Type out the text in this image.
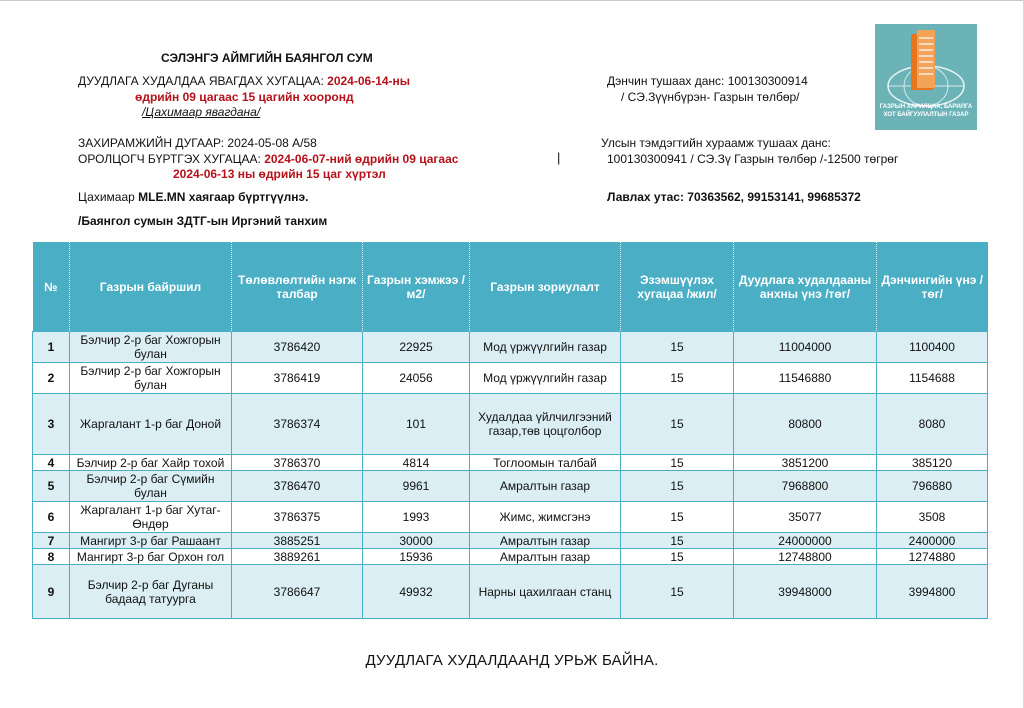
СЭЛЭНГЭ АЙМГИЙН БАЯНГОЛ СУМ
ДУУДЛАГА ХУДАЛДАА ЯВАГДАХ ХУГАЦАА: 2024-06-14-ны
өдрийн 09 цагаас 15 цагийн хооронд
/Цахимаар явагдана/
ЗАХИРАМЖИЙН ДУГААР: 2024-05-08 А/58
ОРОЛЦОГЧ БҮРТГЭХ ХУГАЦАА: 2024-06-07-ний өдрийн 09 цагаас
2024-06-13 ны өдрийн 15 цаг хүртэл
|
Цахимаар MLE.MN хаягаар бүртгүүлнэ.
/Баянгол сумын ЗДТГ-ын Иргэний танхим
Дэнчин тушаах данс: 100130300914
/ СЭ.Зүүнбүрэн- Газрын төлбөр/
Улсын тэмдэгтийн хураамж тушаах данс:
100130300941 / СЭ.Зү Газрын төлбөр /-12500 төгрөг
Лавлах утас: 70363562, 99153141, 99685372
ГАЗРЫН ХАРИЛЦАА, БАРИЛГА
ХОТ БАЙГУУЛАЛТЫН ГАЗАР
№	Газрын байршил	Төлөвлөлтийн нэгж талбар	Газрын хэмжээ /м2/	Газрын зориулалт	Эзэмшүүлэх хугацаа /жил/	Дуудлага худалдааны анхны үнэ /төг/	Дэнчингийн үнэ /төг/
1	Бэлчир 2-р баг Хожгорын булан	3786420	22925	Мод үржүүлгийн газар	15	11004000	1100400
2	Бэлчир 2-р баг Хожгорын булан	3786419	24056	Мод үржүүлгийн газар	15	11546880	1154688
3	Жаргалант 1-р баг Доной	3786374	101	Худалдаа үйлчилгээний газар,төв цоцголбор	15	80800	8080
4	Бэлчир 2-р баг Хайр тохой	3786370	4814	Тоглоомын талбай	15	3851200	385120
5	Бэлчир 2-р баг Сүмийн булан	3786470	9961	Амралтын газар	15	7968800	796880
6	Жаргалант 1-р баг Хутаг-Өндөр	3786375	1993	Жимс, жимсгэнэ	15	35077	3508
7	Мангирт 3-р баг Рашаант	3885251	30000	Амралтын газар	15	24000000	2400000
8	Мангирт 3-р баг Орхон гол	3889261	15936	Амралтын газар	15	12748800	1274880
9	Бэлчир 2-р баг Дуганы бадаад татуурга	3786647	49932	Нарны цахилгаан станц	15	39948000	3994800
ДУУДЛАГА ХУДАЛДААНД УРЬЖ БАЙНА.
